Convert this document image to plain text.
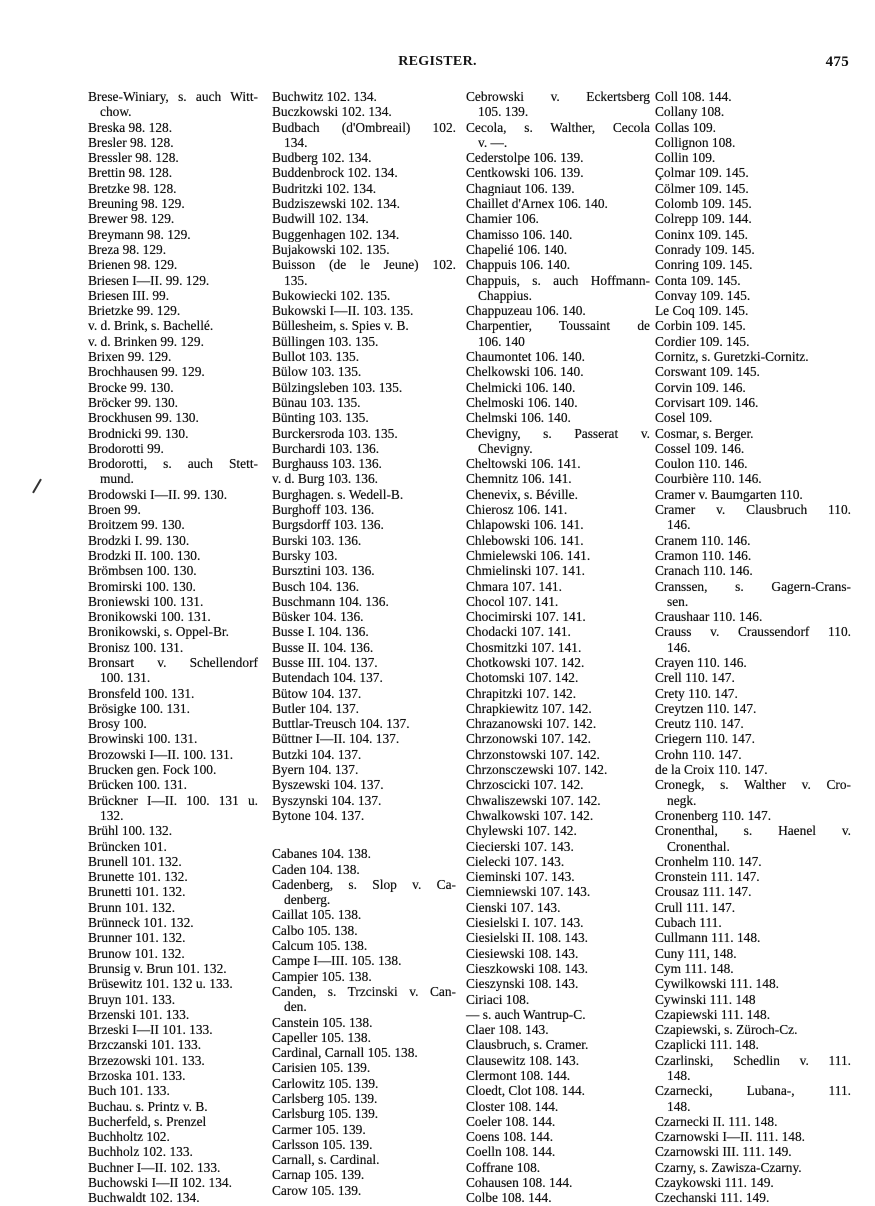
REGISTER.	475
Brese-Winiary, s. auch Witt-
chow.
Breska 98. 128.
Bresler 98. 128.
Bressler 98. 128.
Brettin 98. 128.
Bretzke 98. 128.
Breuning 98. 129.
Brewer 98. 129.
Breymann 98. 129.
Breza 98. 129.
Brienen 98. 129.
Briesen I—II. 99. 129.
Briesen III. 99.
Brietzke 99. 129.
v. d. Brink, s. Bachellé.
v. d. Brinken 99. 129.
Brixen 99. 129.
Brochhausen 99. 129.
Brocke 99. 130.
Bröcker 99. 130.
Brockhusen 99. 130.
Brodnicki 99. 130.
Brodorotti 99.
Brodorotti, s. auch Stett-
mund.
Brodowski I—II. 99. 130.
Broen 99.
Broitzem 99. 130.
Brodzki I. 99. 130.
Brodzki II. 100. 130.
Brömbsen 100. 130.
Bromirski 100. 130.
Broniewski 100. 131.
Bronikowski 100. 131.
Bronikowski, s. Oppel-Br.
Bronisz 100. 131.
Bronsart v. Schellendorf
100. 131.
Bronsfeld 100. 131.
Brösigke 100. 131.
Brosy 100.
Browinski 100. 131.
Brozowski I—II. 100. 131.
Brucken gen. Fock 100.
Brücken 100. 131.
Brückner I—II. 100. 131 u.
132.
Brühl 100. 132.
Brüncken 101.
Brunell 101. 132.
Brunette 101. 132.
Brunetti 101. 132.
Brunn 101. 132.
Brünneck 101. 132.
Brunner 101. 132.
Brunow 101. 132.
Brunsig v. Brun 101. 132.
Brüsewitz 101. 132 u. 133.
Bruyn 101. 133.
Brzenski 101. 133.
Brzeski I—II 101. 133.
Brzczanski 101. 133.
Brzezowski 101. 133.
Brzoska 101. 133.
Buch 101. 133.
Buchau. s. Printz v. B.
Bucherfeld, s. Prenzel
Buchholtz 102.
Buchholz 102. 133.
Buchner I—II. 102. 133.
Buchowski I—II 102. 134.
Buchwaldt 102. 134.
Buchwitz 102. 134.
Buczkowski 102. 134.
Budbach (d'Ombreail) 102.
134.
Budberg 102. 134.
Buddenbrock 102. 134.
Budritzki 102. 134.
Budziszewski 102. 134.
Budwill 102. 134.
Buggenhagen 102. 134.
Bujakowski 102. 135.
Buisson (de le Jeune) 102.
135.
Bukowiecki 102. 135.
Bukowski I—II. 103. 135.
Büllesheim, s. Spies v. B.
Büllingen 103. 135.
Bullot 103. 135.
Bülow 103. 135.
Bülzingsleben 103. 135.
Bünau 103. 135.
Bünting 103. 135.
Burckersroda 103. 135.
Burchardi 103. 136.
Burghauss 103. 136.
v. d. Burg 103. 136.
Burghagen. s. Wedell-B.
Burghoff 103. 136.
Burgsdorff 103. 136.
Burski 103. 136.
Bursky 103.
Bursztini 103. 136.
Busch 104. 136.
Buschmann 104. 136.
Büsker 104. 136.
Busse I. 104. 136.
Busse II. 104. 136.
Busse III. 104. 137.
Butendach 104. 137.
Bütow 104. 137.
Butler 104. 137.
Buttlar-Treusch 104. 137.
Büttner I—II. 104. 137.
Butzki 104. 137.
Byern 104. 137.
Byszewski 104. 137.
Byszynski 104. 137.
Bytone 104. 137.
Cabanes 104. 138.
Caden 104. 138.
Cadenberg, s. Slop v. Ca-
denberg.
Caillat 105. 138.
Calbo 105. 138.
Calcum 105. 138.
Campe I—III. 105. 138.
Campier 105. 138.
Canden, s. Trzcinski v. Can-
den.
Canstein 105. 138.
Capeller 105. 138.
Cardinal, Carnall 105. 138.
Carisien 105. 139.
Carlowitz 105. 139.
Carlsberg 105. 139.
Carlsburg 105. 139.
Carmer 105. 139.
Carlsson 105. 139.
Carnall, s. Cardinal.
Carnap 105. 139.
Carow 105. 139.
Cebrowski v. Eckertsberg
105. 139.
Cecola, s. Walther, Cecola
v. —.
Cederstolpe 106. 139.
Centkowski 106. 139.
Chagniaut 106. 139.
Chaillet d'Arnex 106. 140.
Chamier 106.
Chamisso 106. 140.
Chapelié 106. 140.
Chappuis 106. 140.
Chappuis, s. auch Hoffmann-
Chappius.
Chappuzeau 106. 140.
Charpentier, Toussaint de
106. 140
Chaumontet 106. 140.
Chelkowski 106. 140.
Chelmicki 106. 140.
Chelmoski 106. 140.
Chelmski 106. 140.
Chevigny, s. Passerat v.
Chevigny.
Cheltowski 106. 141.
Chemnitz 106. 141.
Chenevix, s. Béville.
Chierosz 106. 141.
Chlapowski 106. 141.
Chlebowski 106. 141.
Chmielewski 106. 141.
Chmielinski 107. 141.
Chmara 107. 141.
Chocol 107. 141.
Chocimirski 107. 141.
Chodacki 107. 141.
Chosmitzki 107. 141.
Chotkowski 107. 142.
Chotomski 107. 142.
Chrapitzki 107. 142.
Chrapkiewitz 107. 142.
Chrazanowski 107. 142.
Chrzonowski 107. 142.
Chrzonstowski 107. 142.
Chrzonsczewski 107. 142.
Chrzoscicki 107. 142.
Chwaliszewski 107. 142.
Chwalkowski 107. 142.
Chylewski 107. 142.
Ciecierski 107. 143.
Cielecki 107. 143.
Cieminski 107. 143.
Ciemniewski 107. 143.
Cienski 107. 143.
Ciesielski I. 107. 143.
Ciesielski II. 108. 143.
Ciesiewski 108. 143.
Cieszkowski 108. 143.
Cieszynski 108. 143.
Ciriaci 108.
— s. auch Wantrup-C.
Claer 108. 143.
Clausbruch, s. Cramer.
Clausewitz 108. 143.
Clermont 108. 144.
Cloedt, Clot 108. 144.
Closter 108. 144.
Coeler 108. 144.
Coens 108. 144.
Coelln 108. 144.
Coffrane 108.
Cohausen 108. 144.
Colbe 108. 144.
Coll 108. 144.
Collany 108.
Collas 109.
Collignon 108.
Collin 109.
Çolmar 109. 145.
Cölmer 109. 145.
Colomb 109. 145.
Colrepp 109. 144.
Coninx 109. 145.
Conrady 109. 145.
Conring 109. 145.
Conta 109. 145.
Convay 109. 145.
Le Coq 109. 145.
Corbin 109. 145.
Cordier 109. 145.
Cornitz, s. Guretzki-Cornitz.
Corswant 109. 145.
Corvin 109. 146.
Corvisart 109. 146.
Cosel 109.
Cosmar, s. Berger.
Cossel 109. 146.
Coulon 110. 146.
Courbière 110. 146.
Cramer v. Baumgarten 110.
Cramer v. Clausbruch 110.
146.
Cranem 110. 146.
Cramon 110. 146.
Cranach 110. 146.
Cranssen, s. Gagern-Crans-
sen.
Craushaar 110. 146.
Crauss v. Craussendorf 110.
146.
Crayen 110. 146.
Crell 110. 147.
Crety 110. 147.
Creytzen 110. 147.
Creutz 110. 147.
Criegern 110. 147.
Crohn 110. 147.
de la Croix 110. 147.
Cronegk, s. Walther v. Cro-
negk.
Cronenberg 110. 147.
Cronenthal, s. Haenel v.
Cronenthal.
Cronhelm 110. 147.
Cronstein 111. 147.
Crousaz 111. 147.
Crull 111. 147.
Cubach 111.
Cullmann 111. 148.
Cuny 111, 148.
Cym 111. 148.
Cywilkowski 111. 148.
Cywinski 111. 148
Czapiewski 111. 148.
Czapiewski, s. Züroch-Cz.
Czaplicki 111. 148.
Czarlinski, Schedlin v. 111.
148.
Czarnecki, Lubana-, 111.
148.
Czarnecki II. 111. 148.
Czarnowski I—II. 111. 148.
Czarnowski III. 111. 149.
Czarny, s. Zawisza-Czarny.
Czaykowski 111. 149.
Czechanski 111. 149.
